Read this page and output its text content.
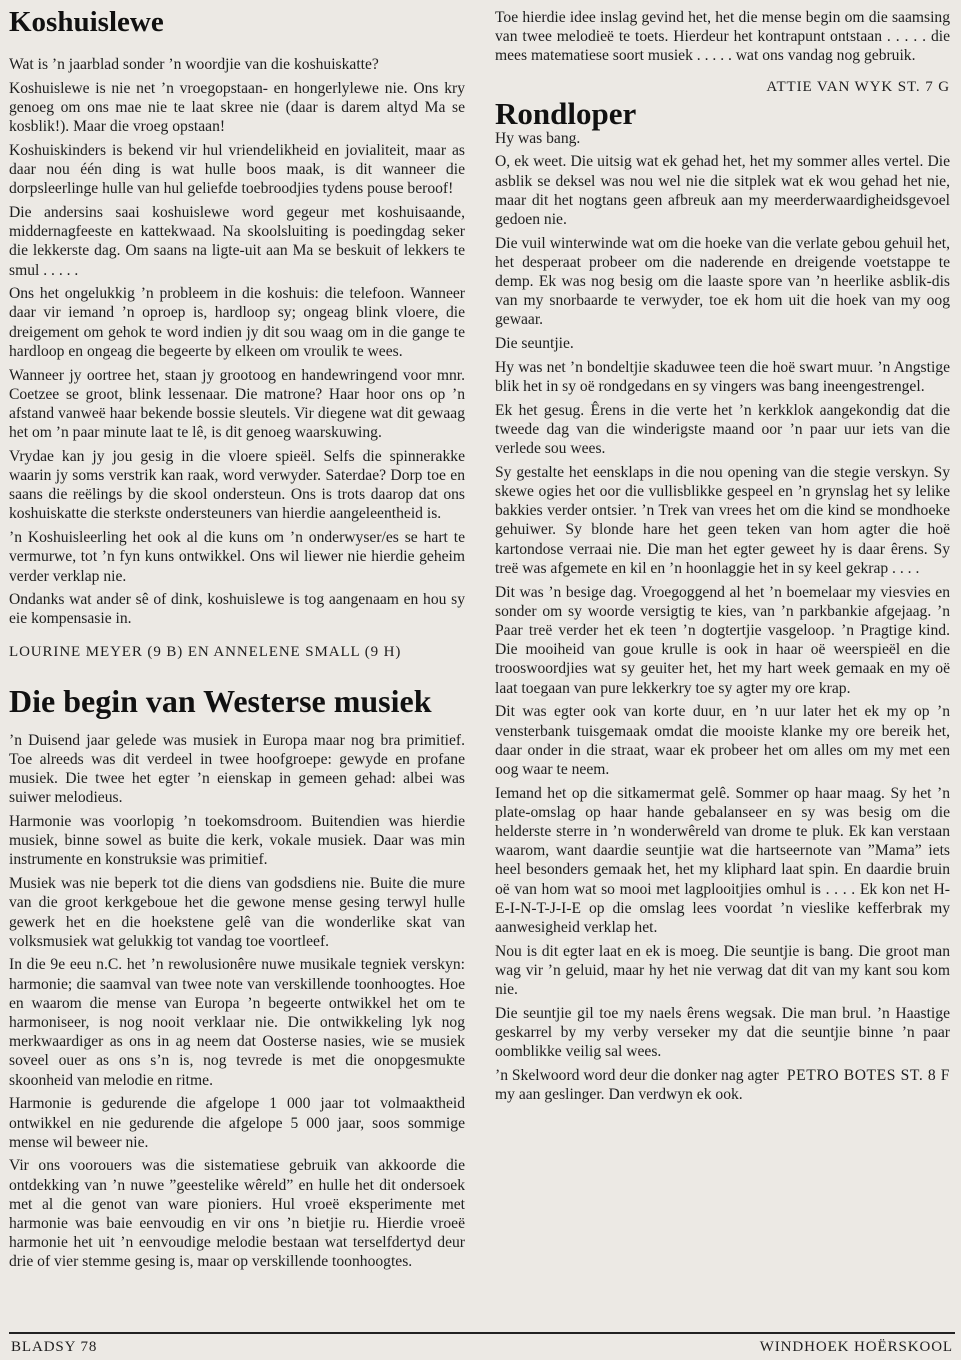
Koshuislewe

Wat is ’n jaarblad sonder ’n woordjie van die koshuiskatte?

Koshuislewe is nie net ’n vroegopstaan- en hongerlylewe nie. Ons kry genoeg om ons mae nie te laat skree nie (daar is darem altyd Ma se kosblik!). Maar die vroeg opstaan!

Koshuiskinders is bekend vir hul vriendelikheid en jovialiteit, maar as daar nou één ding is wat hulle boos maak, is dit wanneer die dorpsleerlinge hulle van hul geliefde toebroodjies tydens pouse beroof!

Die andersins saai koshuislewe word gegeur met koshuisaande, middernagfeeste en kattekwaad. Na skoolsluiting is poedingdag seker die lekkerste dag. Om saans na ligte-uit aan Ma se beskuit of lekkers te smul . . . . .

Ons het ongelukkig ’n probleem in die koshuis: die telefoon. Wanneer daar vir iemand ’n oproep is, hardloop sy; ongeag blink vloere, die dreigement om gehok te word indien jy dit sou waag om in die gange te hardloop en ongeag die begeerte by elkeen om vroulik te wees.

Wanneer jy oortree het, staan jy grootoog en handewringend voor mnr. Coetzee se groot, blink lessenaar. Die matrone? Haar hoor ons op ’n afstand vanweë haar bekende bossie sleutels. Vir diegene wat dit gewaag het om ’n paar minute laat te lê, is dit genoeg waarskuwing.

Vrydae kan jy jou gesig in die vloere spieël. Selfs die spinnerakke waarin jy soms verstrik kan raak, word verwyder. Saterdae? Dorp toe en saans die reëlings by die skool ondersteun. Ons is trots daarop dat ons koshuiskatte die sterkste ondersteuners van hierdie aangeleentheid is.

’n Koshuisleerling het ook al die kuns om ’n onderwyser/es se hart te vermurwe, tot ’n fyn kuns ontwikkel. Ons wil liewer nie hierdie geheim verder verklap nie.

Ondanks wat ander sê of dink, koshuislewe is tog aangenaam en hou sy eie kompensasie in.

LOURINE MEYER (9 B) EN ANNELENE SMALL (9 H)
Die begin van Westerse musiek

’n Duisend jaar gelede was musiek in Europa maar nog bra primitief. Toe alreeds was dit verdeel in twee hoofgroepe: gewyde en profane musiek. Die twee het egter ’n eienskap in gemeen gehad: albei was suiwer melodieus.

Harmonie was voorlopig ’n toekomsdroom. Buitendien was hierdie musiek, binne sowel as buite die kerk, vokale musiek. Daar was min instrumente en konstruksie was primitief.

Musiek was nie beperk tot die diens van godsdiens nie. Buite die mure van die groot kerkgeboue het die gewone mense gesing terwyl hulle gewerk het en die hoekstene gelê van die wonderlike skat van volksmusiek wat gelukkig tot vandag toe voortleef.

In die 9e eeu n.C. het ’n rewolusionêre nuwe musikale tegniek verskyn: harmonie; die saamval van twee note van verskillende toonhoogtes. Hoe en waarom die mense van Europa ’n begeerte ontwikkel het om te harmoniseer, is nog nooit verklaar nie. Die ontwikkeling lyk nog merkwaardiger as ons in ag neem dat Oosterse nasies, wie se musiek soveel ouer as ons s’n is, nog tevrede is met die onopgesmukte skoonheid van melodie en ritme.

Harmonie is gedurende die afgelope 1 000 jaar tot volmaaktheid ontwikkel en nie gedurende die afgelope 5 000 jaar, soos sommige mense wil beweer nie.

Vir ons voorouers was die sistematiese gebruik van akkoorde die ontdekking van ’n nuwe ”geestelike wêreld” en hulle het dit ondersoek met al die genot van ware pioniers. Hul vroeë eksperimente met harmonie was baie eenvoudig en vir ons ’n bietjie ru. Hierdie vroeë harmonie het uit ’n eenvoudige melodie bestaan wat terselfdertyd deur drie of vier stemme gesing is, maar op verskillende toonhoogtes.

Toe hierdie idee inslag gevind het, het die mense begin om die saamsing van twee melodieë te toets. Hierdeur het kontrapunt ontstaan . . . . . die mees matematiese soort musiek . . . . . wat ons vandag nog gebruik.

ATTIE VAN WYK ST. 7 G
Rondloper

Hy was bang.

O, ek weet. Die uitsig wat ek gehad het, het my sommer alles vertel. Die asblik se deksel was nou wel nie die sitplek wat ek wou gehad het nie, maar dit het nogtans geen afbreuk aan my meerderwaardigheidsgevoel gedoen nie.

Die vuil winterwinde wat om die hoeke van die verlate gebou gehuil het, het desperaat probeer om die naderende en dreigende voetstappe te demp. Ek was nog besig om die laaste spore van ’n heerlike asblik-dis van my snorbaarde te verwyder, toe ek hom uit die hoek van my oog gewaar.

Die seuntjie.

Hy was net ’n bondeltjie skaduwee teen die hoë swart muur. ’n Angstige blik het in sy oë rondgedans en sy vingers was bang ineengestrengel.

Ek het gesug. Êrens in die verte het ’n kerkklok aangekondig dat die tweede dag van die winderigste maand oor ’n paar uur iets van die verlede sou wees.

Sy gestalte het eensklaps in die nou opening van die stegie verskyn. Sy skewe ogies het oor die vullisblikke gespeel en ’n grynslag het sy lelike bakkies verder ontsier. ’n Trek van vrees het om die kind se mondhoeke gehuiwer. Sy blonde hare het geen teken van hom agter die hoë kartondose verraai nie. Die man het egter geweet hy is daar êrens. Sy treë was afgemete en kil en ’n hoonlaggie het in sy keel gekrap . . . .

Dit was ’n besige dag. Vroegoggend al het ’n boemelaar my viesvies en sonder om sy woorde versigtig te kies, van ’n parkbankie afgejaag. ’n Paar treë verder het ek teen ’n dogtertjie vasgeloop. ’n Pragtige kind. Die mooiheid van goue krulle is ook in haar oë weerspieël en die trooswoordjies wat sy geuiter het, het my hart week gemaak en my oë laat toegaan van pure lekkerkry toe sy agter my ore krap.

Dit was egter ook van korte duur, en ’n uur later het ek my op ’n vensterbank tuisgemaak omdat die mooiste klanke my ore bereik het, daar onder in die straat, waar ek probeer het om alles om my met een oog waar te neem.

Iemand het op die sitkamermat gelê. Sommer op haar maag. Sy het ’n plate-omslag op haar hande gebalanseer en sy was besig om die helderste sterre in ’n wonderwêreld van drome te pluk. Ek kan verstaan waarom, want daardie seuntjie wat die hartseernote van ”Mama” iets heel besonders gemaak het, het my kliphard laat spin. En daardie bruin oë van hom wat so mooi met lagplooitjies omhul is . . . . Ek kon net H-E-I-N-T-J-I-E op die omslag lees voordat ’n vieslike kefferbrak my aanwesigheid verklap het.

Nou is dit egter laat en ek is moeg. Die seuntjie is bang. Die groot man wag vir ’n geluid, maar hy het nie verwag dat dit van my kant sou kom nie.

Die seuntjie gil toe my naels êrens wegsak. Die man brul. ’n Haastige geskarrel by my verby verseker my dat die seuntjie binne ’n paar oomblikke veilig sal wees.

PETRO BOTES ST. 8 F
’n Skelwoord word deur die donker nag agter my aan geslinger. Dan verdwyn ek ook.

BLADSY 78	WINDHOEK HOËRSKOOL
